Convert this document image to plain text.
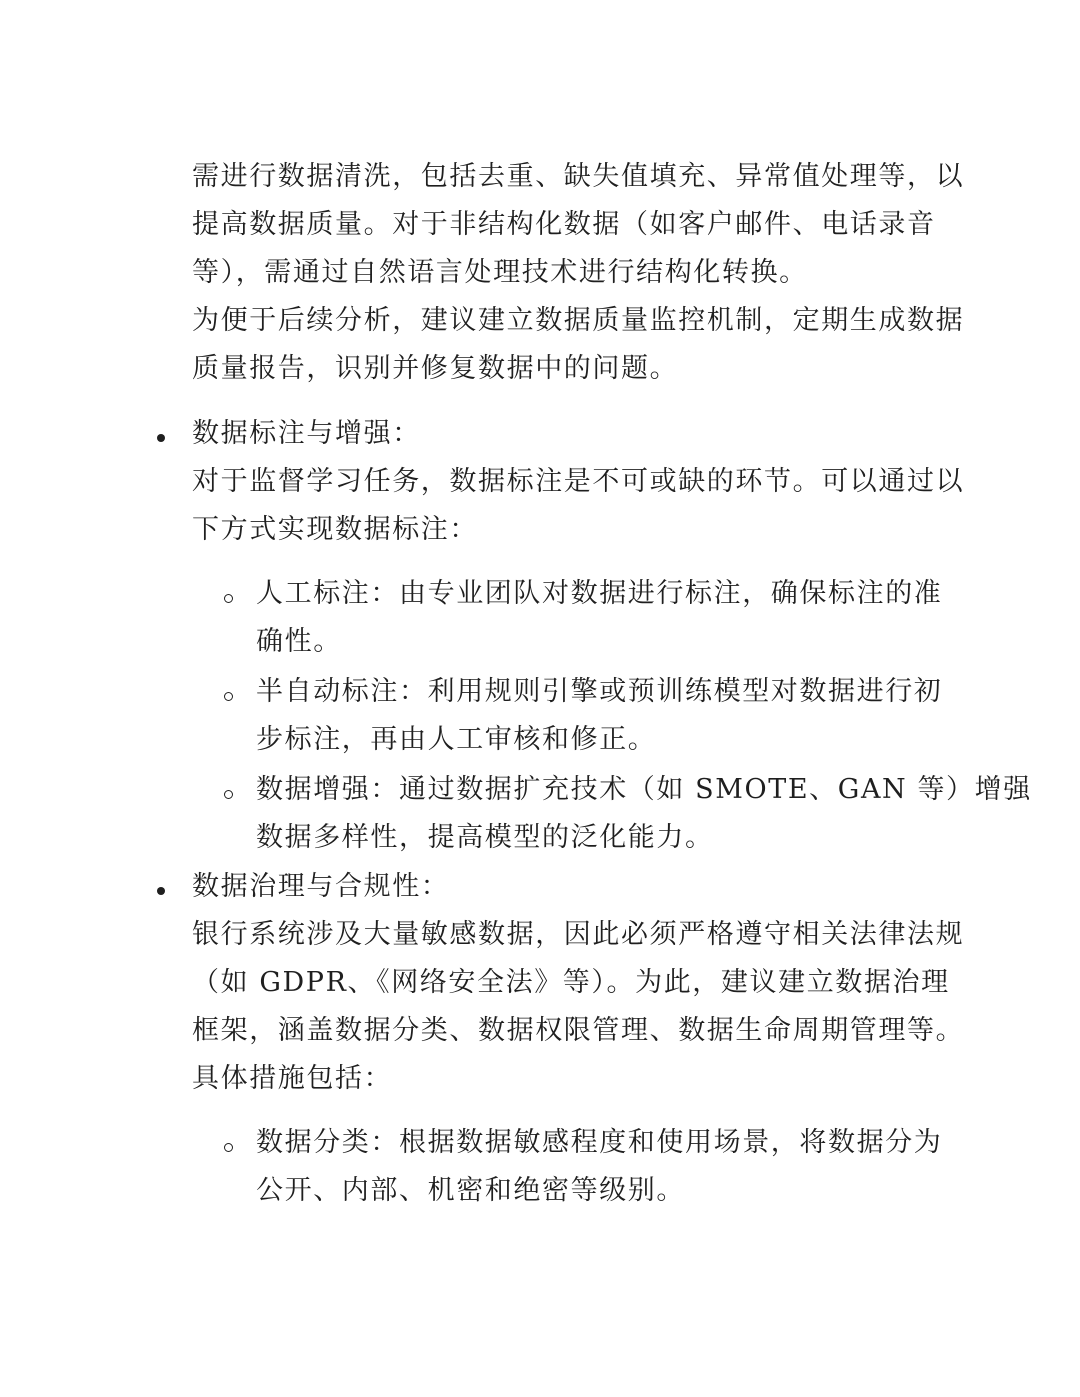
需进行数据清洗，包括去重、缺失值填充、异常值处理等，以
提高数据质量。对于非结构化数据（如客户邮件、电话录音
等），需通过自然语言处理技术进行结构化转换。
为便于后续分析，建议建立数据质量监控机制，定期生成数据
质量报告，识别并修复数据中的问题。
数据标注与增强：
对于监督学习任务，数据标注是不可或缺的环节。可以通过以
下方式实现数据标注：
人工标注：由专业团队对数据进行标注，确保标注的准
确性。
半自动标注：利用规则引擎或预训练模型对数据进行初
步标注，再由人工审核和修正。
数据增强：通过数据扩充技术（如 SMOTE、GAN 等）增强
数据多样性，提高模型的泛化能力。
数据治理与合规性：
银行系统涉及大量敏感数据，因此必须严格遵守相关法律法规
（如 GDPR、《网络安全法》等）。为此，建议建立数据治理
框架，涵盖数据分类、数据权限管理、数据生命周期管理等。
具体措施包括：
数据分类：根据数据敏感程度和使用场景，将数据分为
公开、内部、机密和绝密等级别。
